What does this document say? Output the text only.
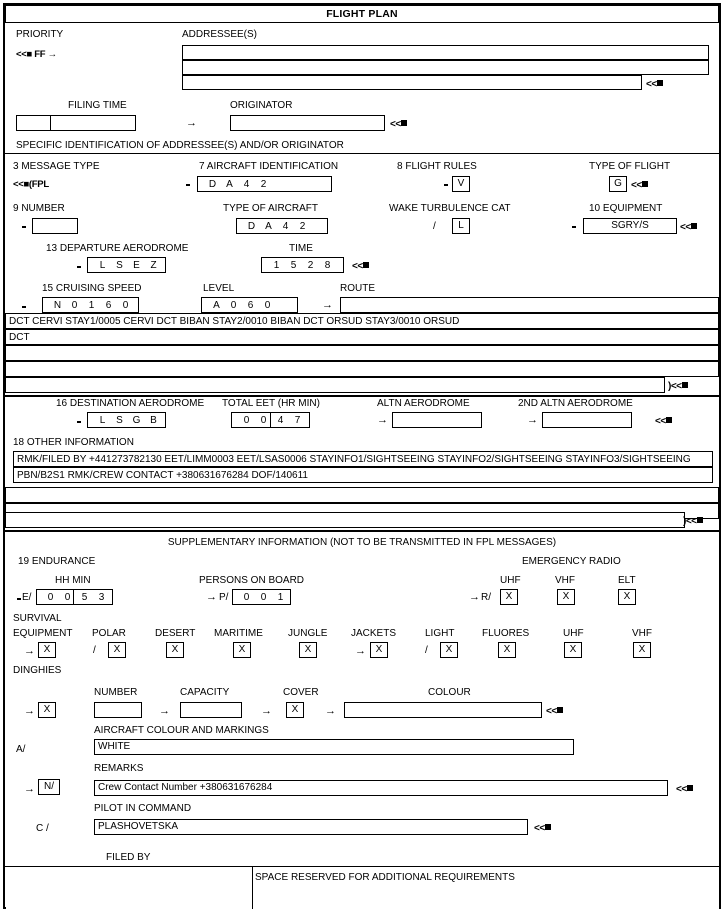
FLIGHT PLAN
PRIORITY
<<■ FF →
ADDRESSEE(S)
<<
FILING TIME
→
ORIGINATOR
<<
SPECIFIC IDENTIFICATION OF ADDRESSEE(S) AND/OR ORIGINATOR
3 MESSAGE TYPE
<<■(FPL
7 AIRCRAFT IDENTIFICATION
D	A	4	2
8 FLIGHT RULES
V
TYPE OF FLIGHT
G <<
9 NUMBER	TYPE OF AIRCRAFT
D	A	4	2
WAKE TURBULENCE CAT
/	L
10 EQUIPMENT
SGRY/S	<<
13 DEPARTURE AERODROME
L	S	E	Z
TIME
1	5	2	8	<<
15 CRUISING SPEED
N	0	1	6	0
LEVEL
A	0	6	0	→
ROUTE
DCT CERVI STAY1/0005 CERVI DCT BIBAN STAY2/0010 BIBAN DCT ORSUD STAY3/0010 ORSUD
DCT
)<<
16 DESTINATION AERODROME
L	S G B
TOTAL EET (HR MIN)
0	0	4	7
ALTN AERODROME
→
2ND ALTN AERODROME
→	<<
18 OTHER INFORMATION
RMK/FILED BY +441273782130 EET/LIMM0003 EET/LSAS0006 STAYINFO1/SIGHTSEEING STAYINFO2/SIGHTSEEING STAYINFO3/SIGHTSEEING
PBN/B2S1 RMK/CREW CONTACT +380631676284 DOF/140611
)<<
SUPPLEMENTARY INFORMATION (NOT TO BE TRANSMITTED IN FPL MESSAGES)
19 ENDURANCE	EMERGENCY RADIO
HH MIN
E/	0	0	5	3
PERSONS ON BOARD
→ P/	0	0	1	→ R/
UHF
X
VHF
X
ELT
X
SURVIVAL
EQUIPMENT
→ X
POLAR
/	X
DESERT
X
MARITIME
X
JUNGLE
X
JACKETS
→ X
LIGHT
/	X
FLUORES
X
UHF
X
VHF
X
DINGHIES
→ X
NUMBER
→
CAPACITY
→
COVER
X	→
COLOUR
<<
AIRCRAFT COLOUR AND MARKINGS
A/	WHITE
REMARKS
→ N/	Crew Contact Number +380631676284	<<
PILOT IN COMMAND
C /	PLASHOVETSKA	<<
FILED BY
SPACE RESERVED FOR ADDITIONAL REQUIREMENTS
